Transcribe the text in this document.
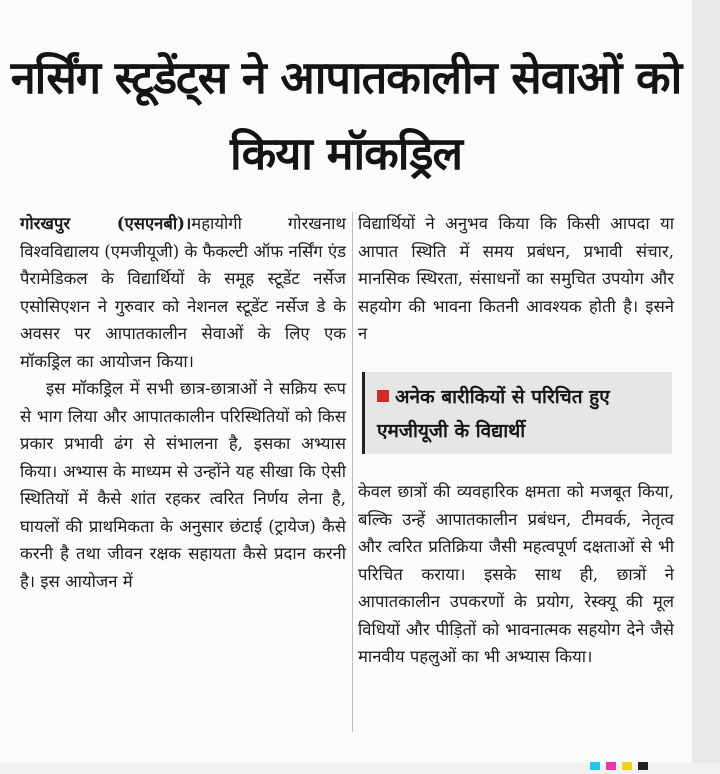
नर्सिंग स्टूडेंट्स ने आपातकालीन सेवाओं को किया मॉकड्रिल

गोरखपुर (एसएनबी)।महायोगी गोरखनाथ विश्वविद्यालय (एमजीयूजी) के फैकल्टी ऑफ नर्सिंग एंड पैरामेडिकल के विद्यार्थियों के समूह स्टूडेंट नर्सेज एसोसिएशन ने गुरुवार को नेशनल स्टूडेंट नर्सेज डे के अवसर पर आपातकालीन सेवाओं के लिए एक मॉकड्रिल का आयोजन किया।

इस मॉकड्रिल में सभी छात्र-छात्राओं ने सक्रिय रूप से भाग लिया और आपातकालीन परिस्थितियों को किस प्रकार प्रभावी ढंग से संभालना है, इसका अभ्यास किया। अभ्यास के माध्यम से उन्होंने यह सीखा कि ऐसी स्थितियों में कैसे शांत रहकर त्वरित निर्णय लेना है, घायलों की प्राथमिकता के अनुसार छंटाई (ट्रायेज) कैसे करनी है तथा जीवन रक्षक सहायता कैसे प्रदान करनी है। इस आयोजन में

विद्यार्थियों ने अनुभव किया कि किसी आपदा या आपात स्थिति में समय प्रबंधन, प्रभावी संचार, मानसिक स्थिरता, संसाधनों का समुचित उपयोग और सहयोग की भावना कितनी आवश्यक होती है। इसने न

अनेक बारीकियों से परिचित हुए एमजीयूजी के विद्यार्थी

केवल छात्रों की व्यवहारिक क्षमता को मजबूत किया, बल्कि उन्हें आपातकालीन प्रबंधन, टीमवर्क, नेतृत्व और त्वरित प्रतिक्रिया जैसी महत्वपूर्ण दक्षताओं से भी परिचित कराया। इसके साथ ही, छात्रों ने आपातकालीन उपकरणों के प्रयोग, रेस्क्यू की मूल विधियों और पीड़ितों को भावनात्मक सहयोग देने जैसे मानवीय पहलुओं का भी अभ्यास किया।
